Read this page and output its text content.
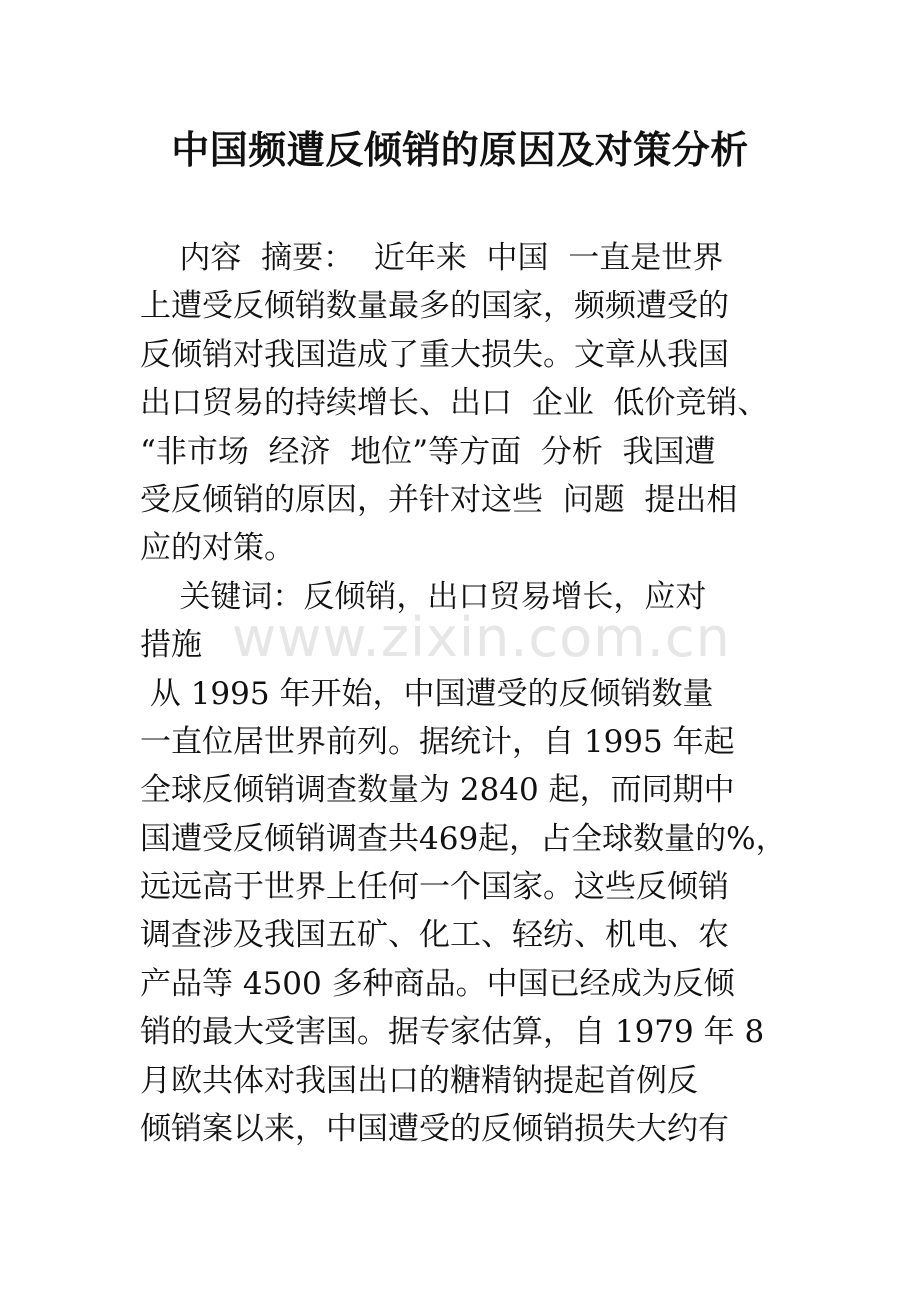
中国频遭反倾销的原因及对策分析
www.zixin.com.cn
内容  摘要：  近年来  中国  一直是世界
上遭受反倾销数量最多的国家，频频遭受的
反倾销对我国造成了重大损失。文章从我国
出口贸易的持续增长、出口  企业  低价竞销、
“非市场  经济  地位”等方面  分析  我国遭
受反倾销的原因，并针对这些  问题  提出相
应的对策。
关键词：反倾销，出口贸易增长，应对
措施
从 1995 年开始，中国遭受的反倾销数量
一直位居世界前列。据统计，自 1995 年起
全球反倾销调查数量为 2840 起，而同期中
国遭受反倾销调查共469起，占全球数量的%，
远远高于世界上任何一个国家。这些反倾销
调查涉及我国五矿、化工、轻纺、机电、农
产品等 4500 多种商品。中国已经成为反倾
销的最大受害国。据专家估算，自 1979 年 8
月欧共体对我国出口的糖精钠提起首例反
倾销案以来，中国遭受的反倾销损失大约有
